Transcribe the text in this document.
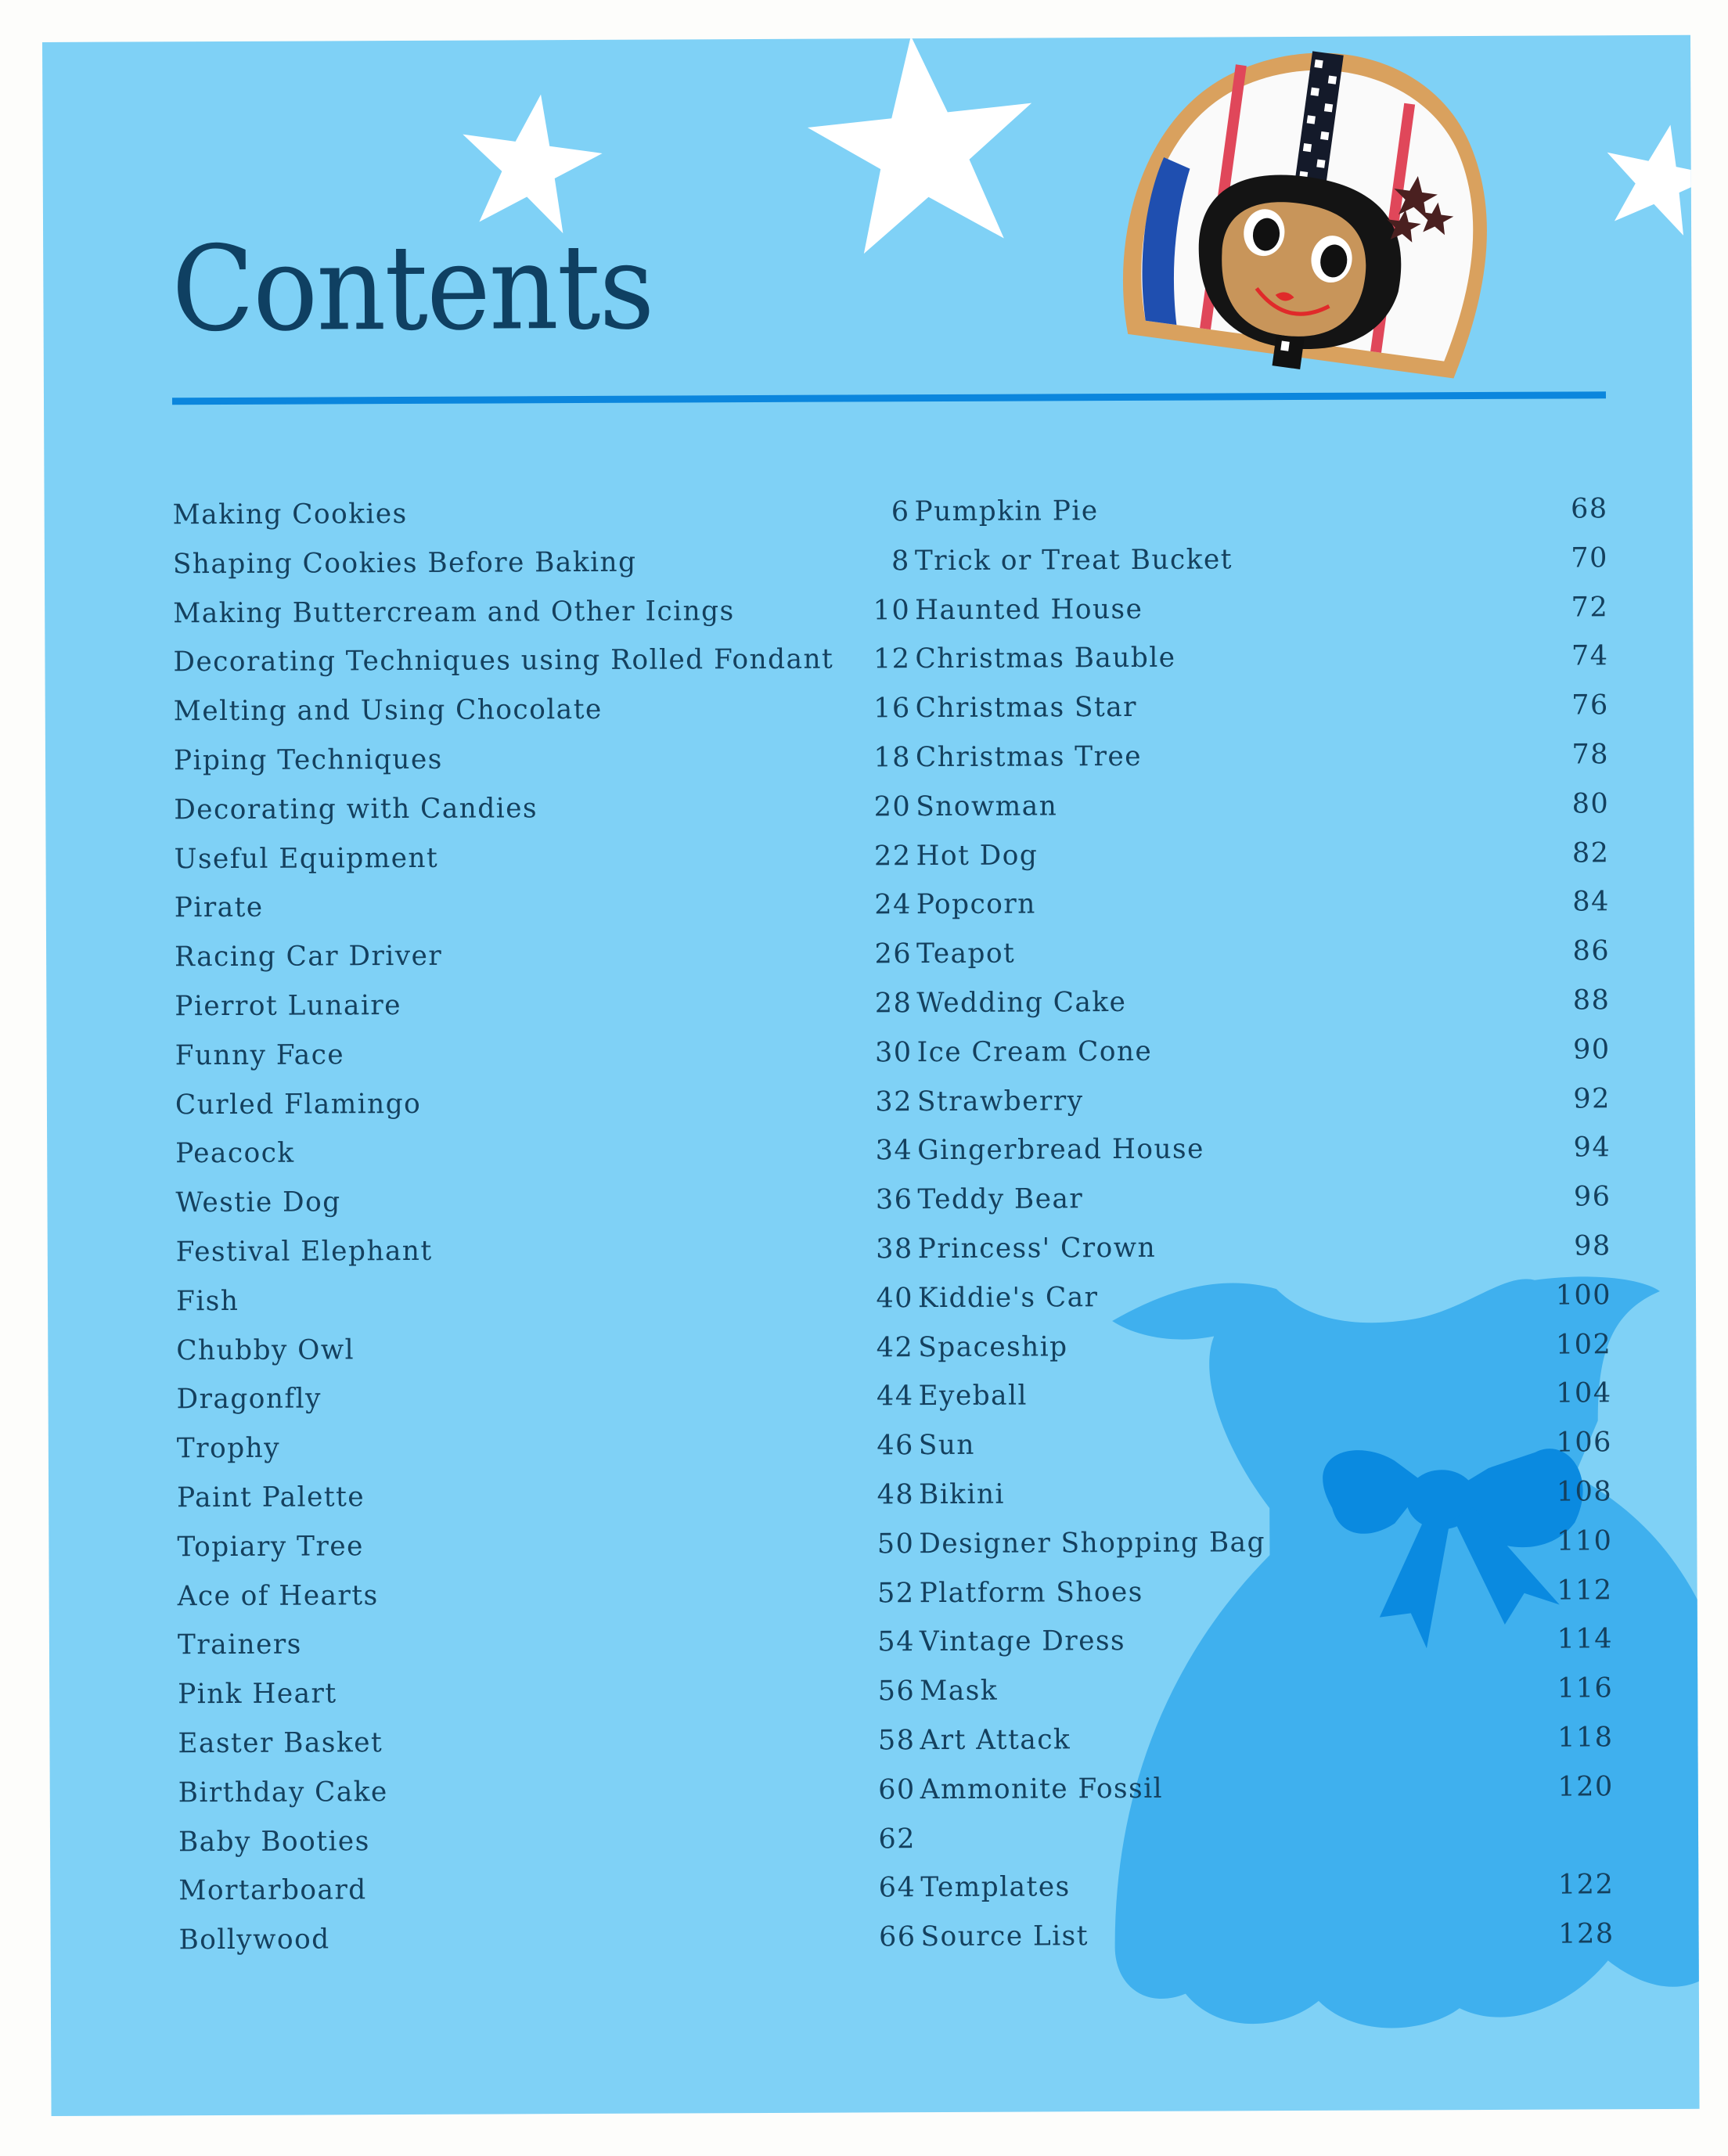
Contents
Making Cookies	6
Shaping Cookies Before Baking	8
Making Buttercream and Other Icings	10
Decorating Techniques using Rolled Fondant 12
Melting and Using Chocolate	16
Piping Techniques	18
Decorating with Candies	20
Useful Equipment	22
Pirate	24
Racing Car Driver	26
Pierrot Lunaire	28
Funny Face	30
Curled Flamingo	32
Peacock	34
Westie Dog	36
Festival Elephant	38
Fish	40
Chubby Owl	42
Dragonfly	44
Trophy	46
Paint Palette	48
Topiary Tree	50
Ace of Hearts	52
Trainers	54
Pink Heart	56
Easter Basket	58
Birthday Cake	60
Baby Booties	62
Mortarboard	64
Bollywood	66
Pumpkin Pie	68
Trick or Treat Bucket	70
Haunted House	72
Christmas Bauble	74
Christmas Star	76
Christmas Tree	78
Snowman	80
Hot Dog	82
Popcorn	84
Teapot	86
Wedding Cake	88
Ice Cream Cone	90
Strawberry	92
Gingerbread House	94
Teddy Bear	96
Princess' Crown	98
Kiddie's Car	100
Spaceship	102
Eyeball	104
Sun	106
Bikini	108
Designer Shopping Bag	110
Platform Shoes	112
Vintage Dress	114
Mask	116
Art Attack	118
Ammonite Fossil	120
Templates	122
Source List	128
